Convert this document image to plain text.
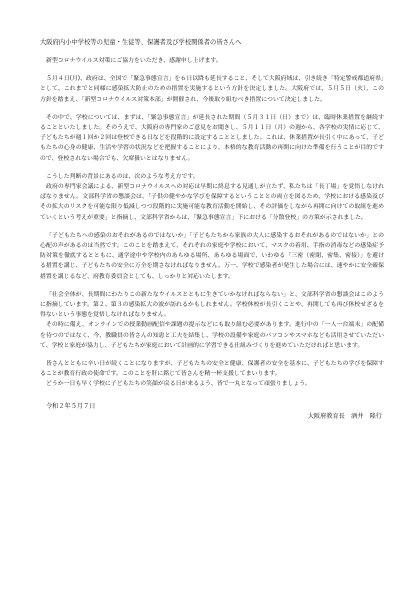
大阪府内小中学校等の児童・生徒等、保護者及び学校関係者の皆さんへ

新型コロナウイルス対策にご協力をいただき、感謝申し上げます。

５月４日(月)、政府は、全国で「緊急事態宣言」を６日以降も延長すること、そして大阪府域は、引き続き「特定警戒都道府県」として、これまでと同様に感染拡大防止のための措置を実施するという方針を決定しました。大阪府では、５月５日（火）、この方針を踏まえ、「新型コロナウイルス対策本部」が開催され、今後取り組むべき措置について決定しました。

その中で、学校については、まずは、「緊急事態宣言」が延長された期間（５月３１日（日）まで）は、臨時休業措置を継続することといたしました。そのうえで、大阪府の専門家のご意見をお聞きし、５月１１日（月）の週から、各学校の実情に応じて、子どもたちが週１回か２回は登校できる日などを段階的に設定することとしました。これは、休業措置が長引く中にあって、子どもたちの心身の健康、生活や学習の状況などを把握することにより、本格的な教育活動の再開に向けた準備を行うことが目的ですので、登校されない場合でも、欠席扱いとはなりません。

こうした判断の背景にあるのは、次のような考え方です。

政府の専門家会議による、新型コロナウイルスへの対応は早期に終息する見通しが立たず、私たちは「長丁場」を覚悟しなければなりません。文部科学省の懇談会は、「子供の健やかな学びを保障するということとの両立を図るため、学校における感染及びその拡大のリスクを可能な限り低減しつつ段階的に実施可能な教育活動を開始し、その評価をしながら再開に向けての取組を進めていくという考えが重要」と指摘し、文部科学省からは、「緊急事態宣言」下における「分散登校」の方策が示されました。

「子どもたちへの感染のおそれがあるのではないか」「子どもたちから家族の大人に感染するおそれがあるのではないか」との心配の声があるのは当然です。このことを踏まえて、それぞれの家庭や学校において、マスクの着用、手指の消毒などの感染症予防対策を徹底するとともに、通学途中や学校内のあらゆる場所、あらゆる場面で、いわゆる「三密（密閉、密集、密接）」を避ける措置を講じ、子どもたちの安全に万全を期さなければなりません。万一、学校で感染者が発生した場合には、速やかに安全確保措置を講じるなど、府教育委員会としても、しっかりと対応いたします。

「社会全体が、長期間にわたりこの新たなウイルスとともに生きていかなければならない」と、文部科学省の懇談会はこのように指摘しています。第２、第３の感染拡大の波が訪れるかもしれません。学校休校が長引くことや、再開しても再び休校せざるを得ないという事態を覚悟しなければなりません。

その時に備え、オンラインでの授業動画配信や課題の提示などにも取り組む必要があります。進行中の「一人一台端末」の配備を待つのではなく、今、教職員の皆さんの知恵と工夫を結集し、学校の設備や家庭のパソコンやスマホなども活用させていただいて、学校と家庭が協力し、子どもたちが家庭において計画的に学習できる仕組みづくりを進めていただければと思います。

皆さんとともに辛い日が続くことになりますが、子どもたちの安全と健康、保護者の安全を基本に、子どもたちの学びを保障することが教育行政の使命です。このことを肝に銘じて皆さんを精一杯支援してまいります。

どうか一日も早く学校に子どもたちの笑顔が戻る日が来るよう、皆で一丸となって頑張りましょう。

令和２年５月７日
大阪府教育長　酒井　隆行
